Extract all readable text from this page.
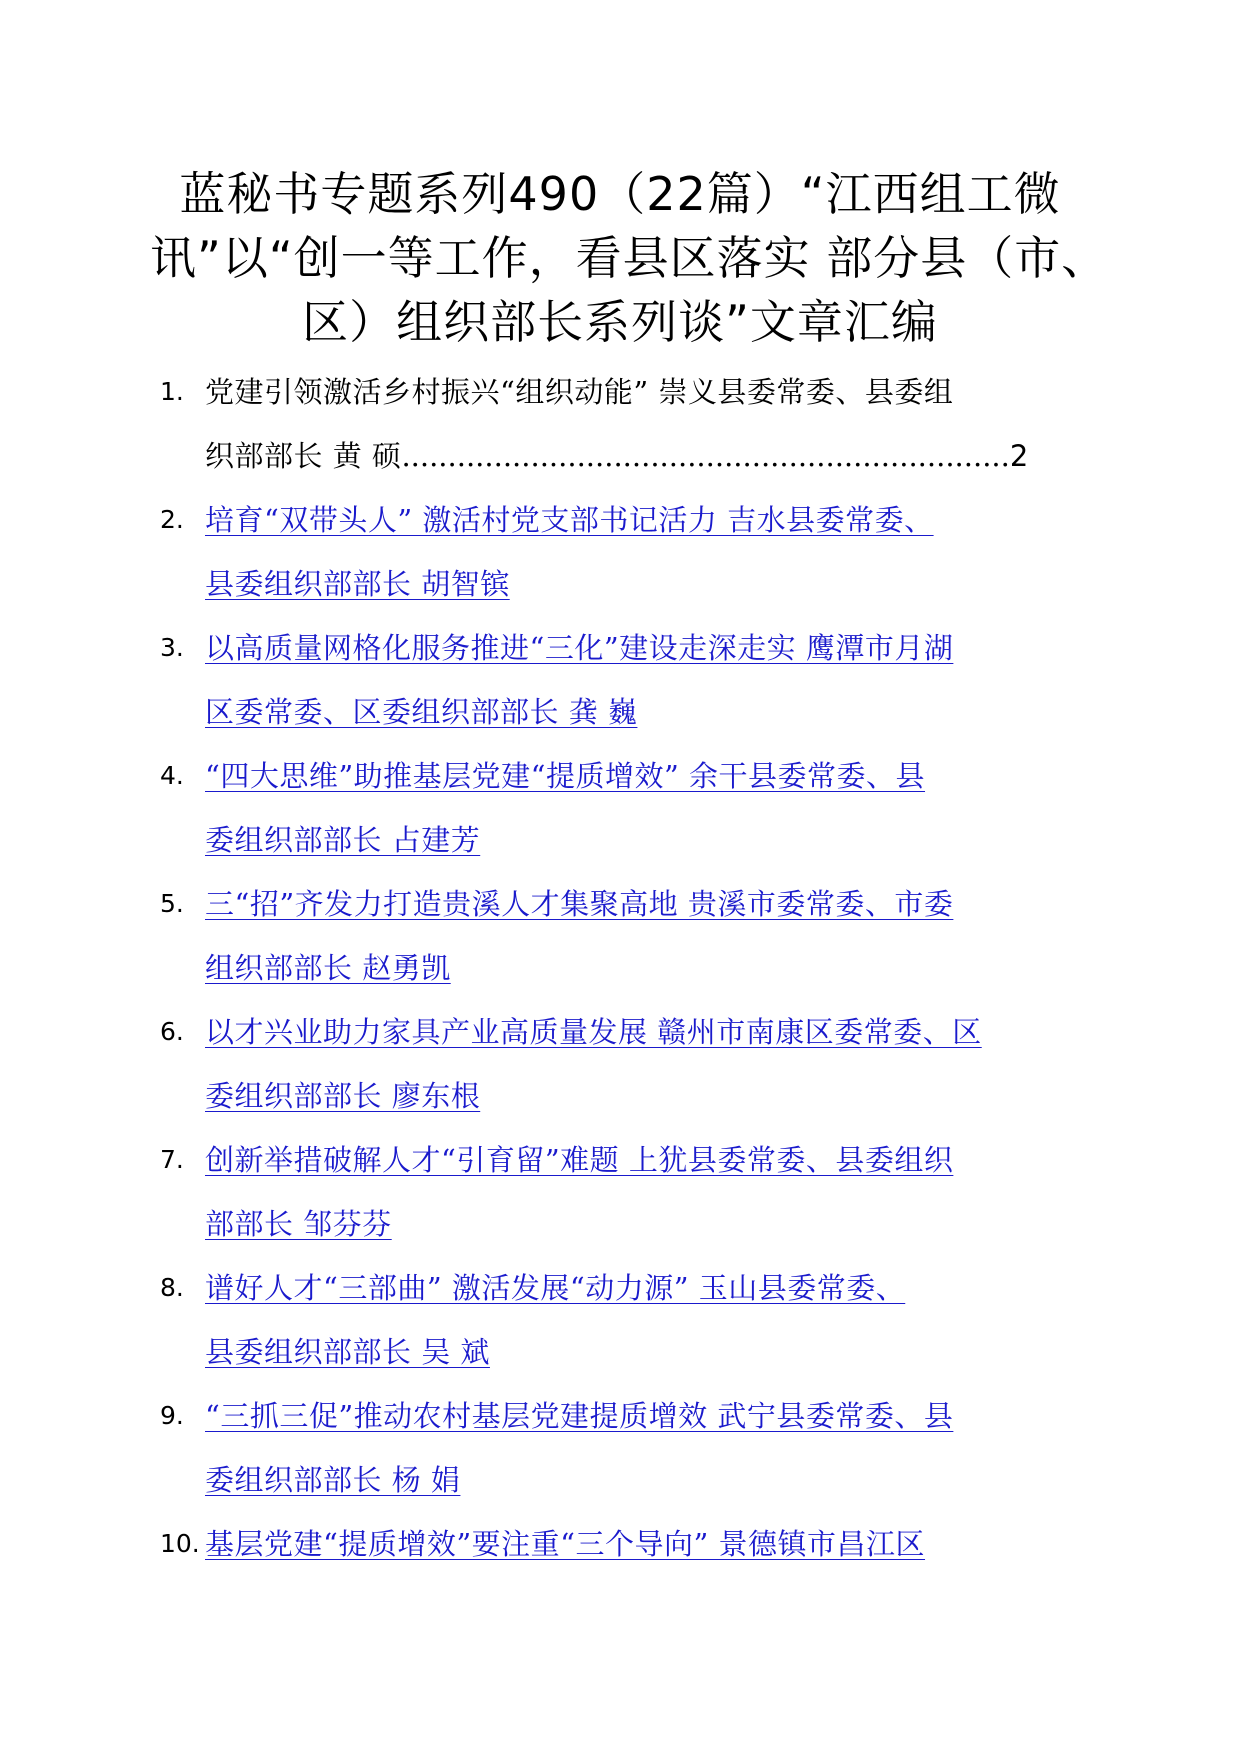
蓝秘书专题系列490（22篇）“江西组工微
讯”以“创一等工作，看县区落实 部分县（市、
区）组织部长系列谈”文章汇编
1. 党建引领激活乡村振兴“组织动能” 崇义县委常委、县委组
织部部长 黄 硕..................................................................2
2. 培育“双带头人” 激活村党支部书记活力 吉水县委常委、
县委组织部部长 胡智镔
3. 以高质量网格化服务推进“三化”建设走深走实 鹰潭市月湖
区委常委、区委组织部部长 龚 巍
4. “四大思维”助推基层党建“提质增效” 余干县委常委、县
委组织部部长 占建芳
5. 三“招”齐发力打造贵溪人才集聚高地 贵溪市委常委、市委
组织部部长 赵勇凯
6. 以才兴业助力家具产业高质量发展 赣州市南康区委常委、区
委组织部部长 廖东根
7. 创新举措破解人才“引育留”难题 上犹县委常委、县委组织
部部长 邹芬芬
8. 谱好人才“三部曲” 激活发展“动力源” 玉山县委常委、
县委组织部部长 吴 斌
9. “三抓三促”推动农村基层党建提质增效 武宁县委常委、县
委组织部部长 杨 娟
10. 基层党建“提质增效”要注重“三个导向” 景德镇市昌江区
